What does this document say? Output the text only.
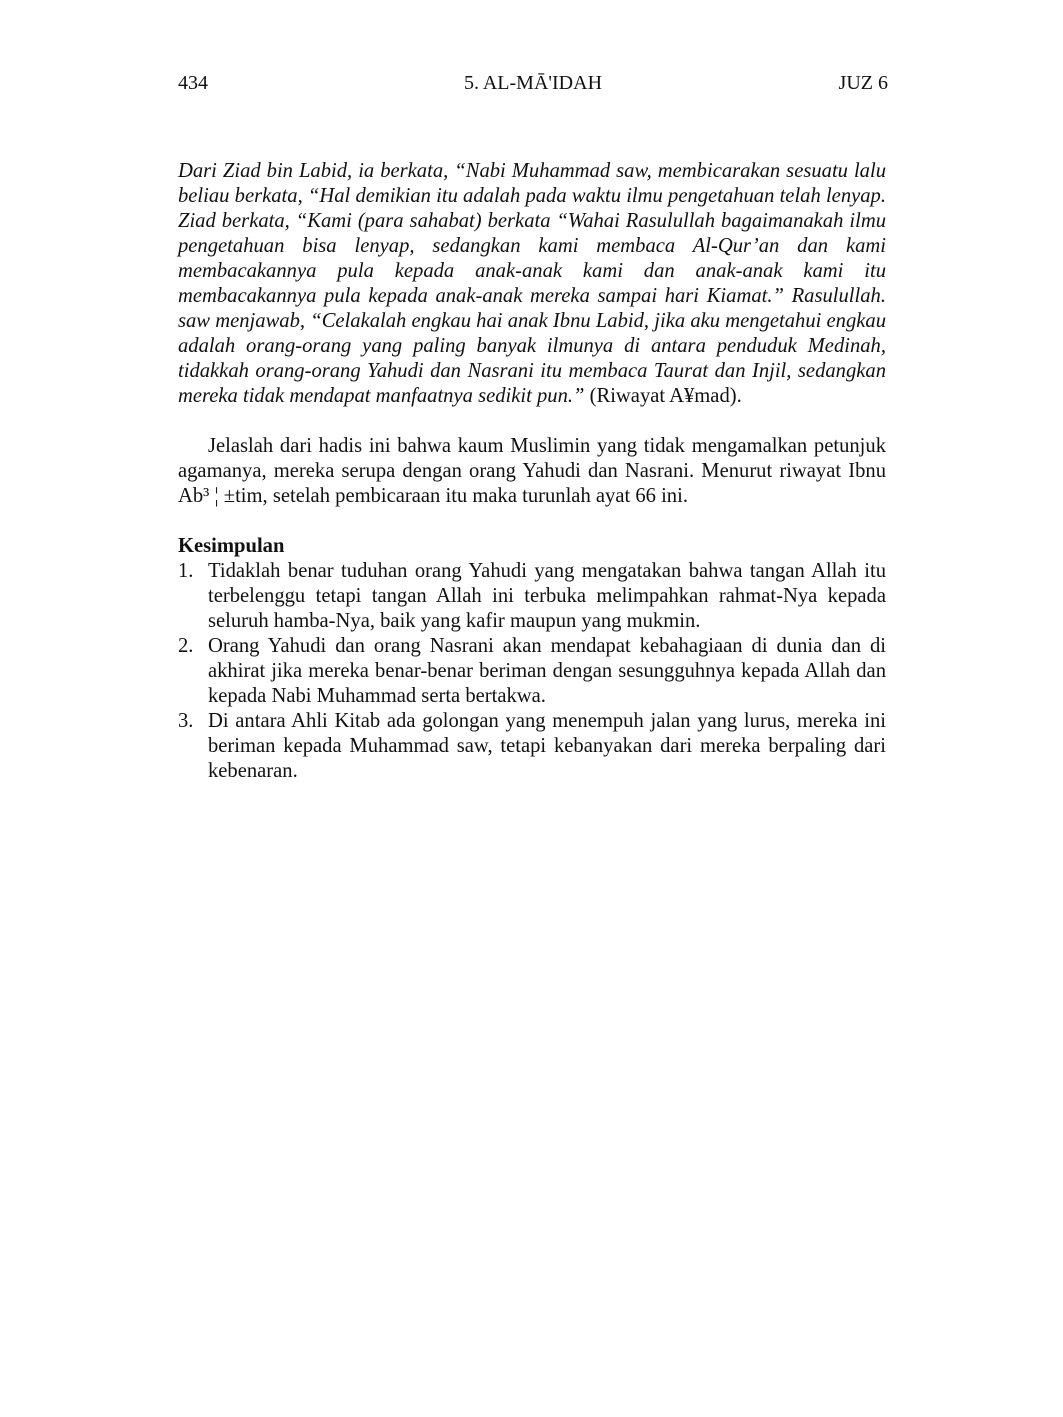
5. AL-MĀ'IDAH
434	JUZ 6

Dari Ziad bin Labid, ia berkata, “Nabi Muhammad saw, membicarakan sesuatu lalu beliau berkata, “Hal demikian itu adalah pada waktu ilmu pengetahuan telah lenyap. Ziad berkata, “Kami (para sahabat) berkata “Wahai Rasulullah bagaimanakah ilmu pengetahuan bisa lenyap, sedangkan kami membaca Al-Qur’an dan kami membacakannya pula kepada anak-anak kami dan anak-anak kami itu membacakannya pula kepada anak-anak mereka sampai hari Kiamat.” Rasulullah. saw menjawab, “Celakalah engkau hai anak Ibnu Labid, jika aku mengetahui engkau adalah orang-orang yang paling banyak ilmunya di antara penduduk Medinah, tidakkah orang-orang Yahudi dan Nasrani itu membaca Taurat dan Injil, sedangkan mereka tidak mendapat manfaatnya sedikit pun.” (Riwayat A¥mad).

Jelaslah dari hadis ini bahwa kaum Muslimin yang tidak mengamalkan petunjuk agamanya, mereka serupa dengan orang Yahudi dan Nasrani. Menurut riwayat Ibnu Ab³ ¦ ±tim, setelah pembicaraan itu maka turunlah ayat 66 ini.

Kesimpulan
1. Tidaklah benar tuduhan orang Yahudi yang mengatakan bahwa tangan Allah itu terbelenggu tetapi tangan Allah ini terbuka melimpahkan rahmat-Nya kepada seluruh hamba-Nya, baik yang kafir maupun yang mukmin.
2. Orang Yahudi dan orang Nasrani akan mendapat kebahagiaan di dunia dan di akhirat jika mereka benar-benar beriman dengan sesungguhnya kepada Allah dan kepada Nabi Muhammad serta bertakwa.
3. Di antara Ahli Kitab ada golongan yang menempuh jalan yang lurus, mereka ini beriman kepada Muhammad saw, tetapi kebanyakan dari mereka berpaling dari kebenaran.
